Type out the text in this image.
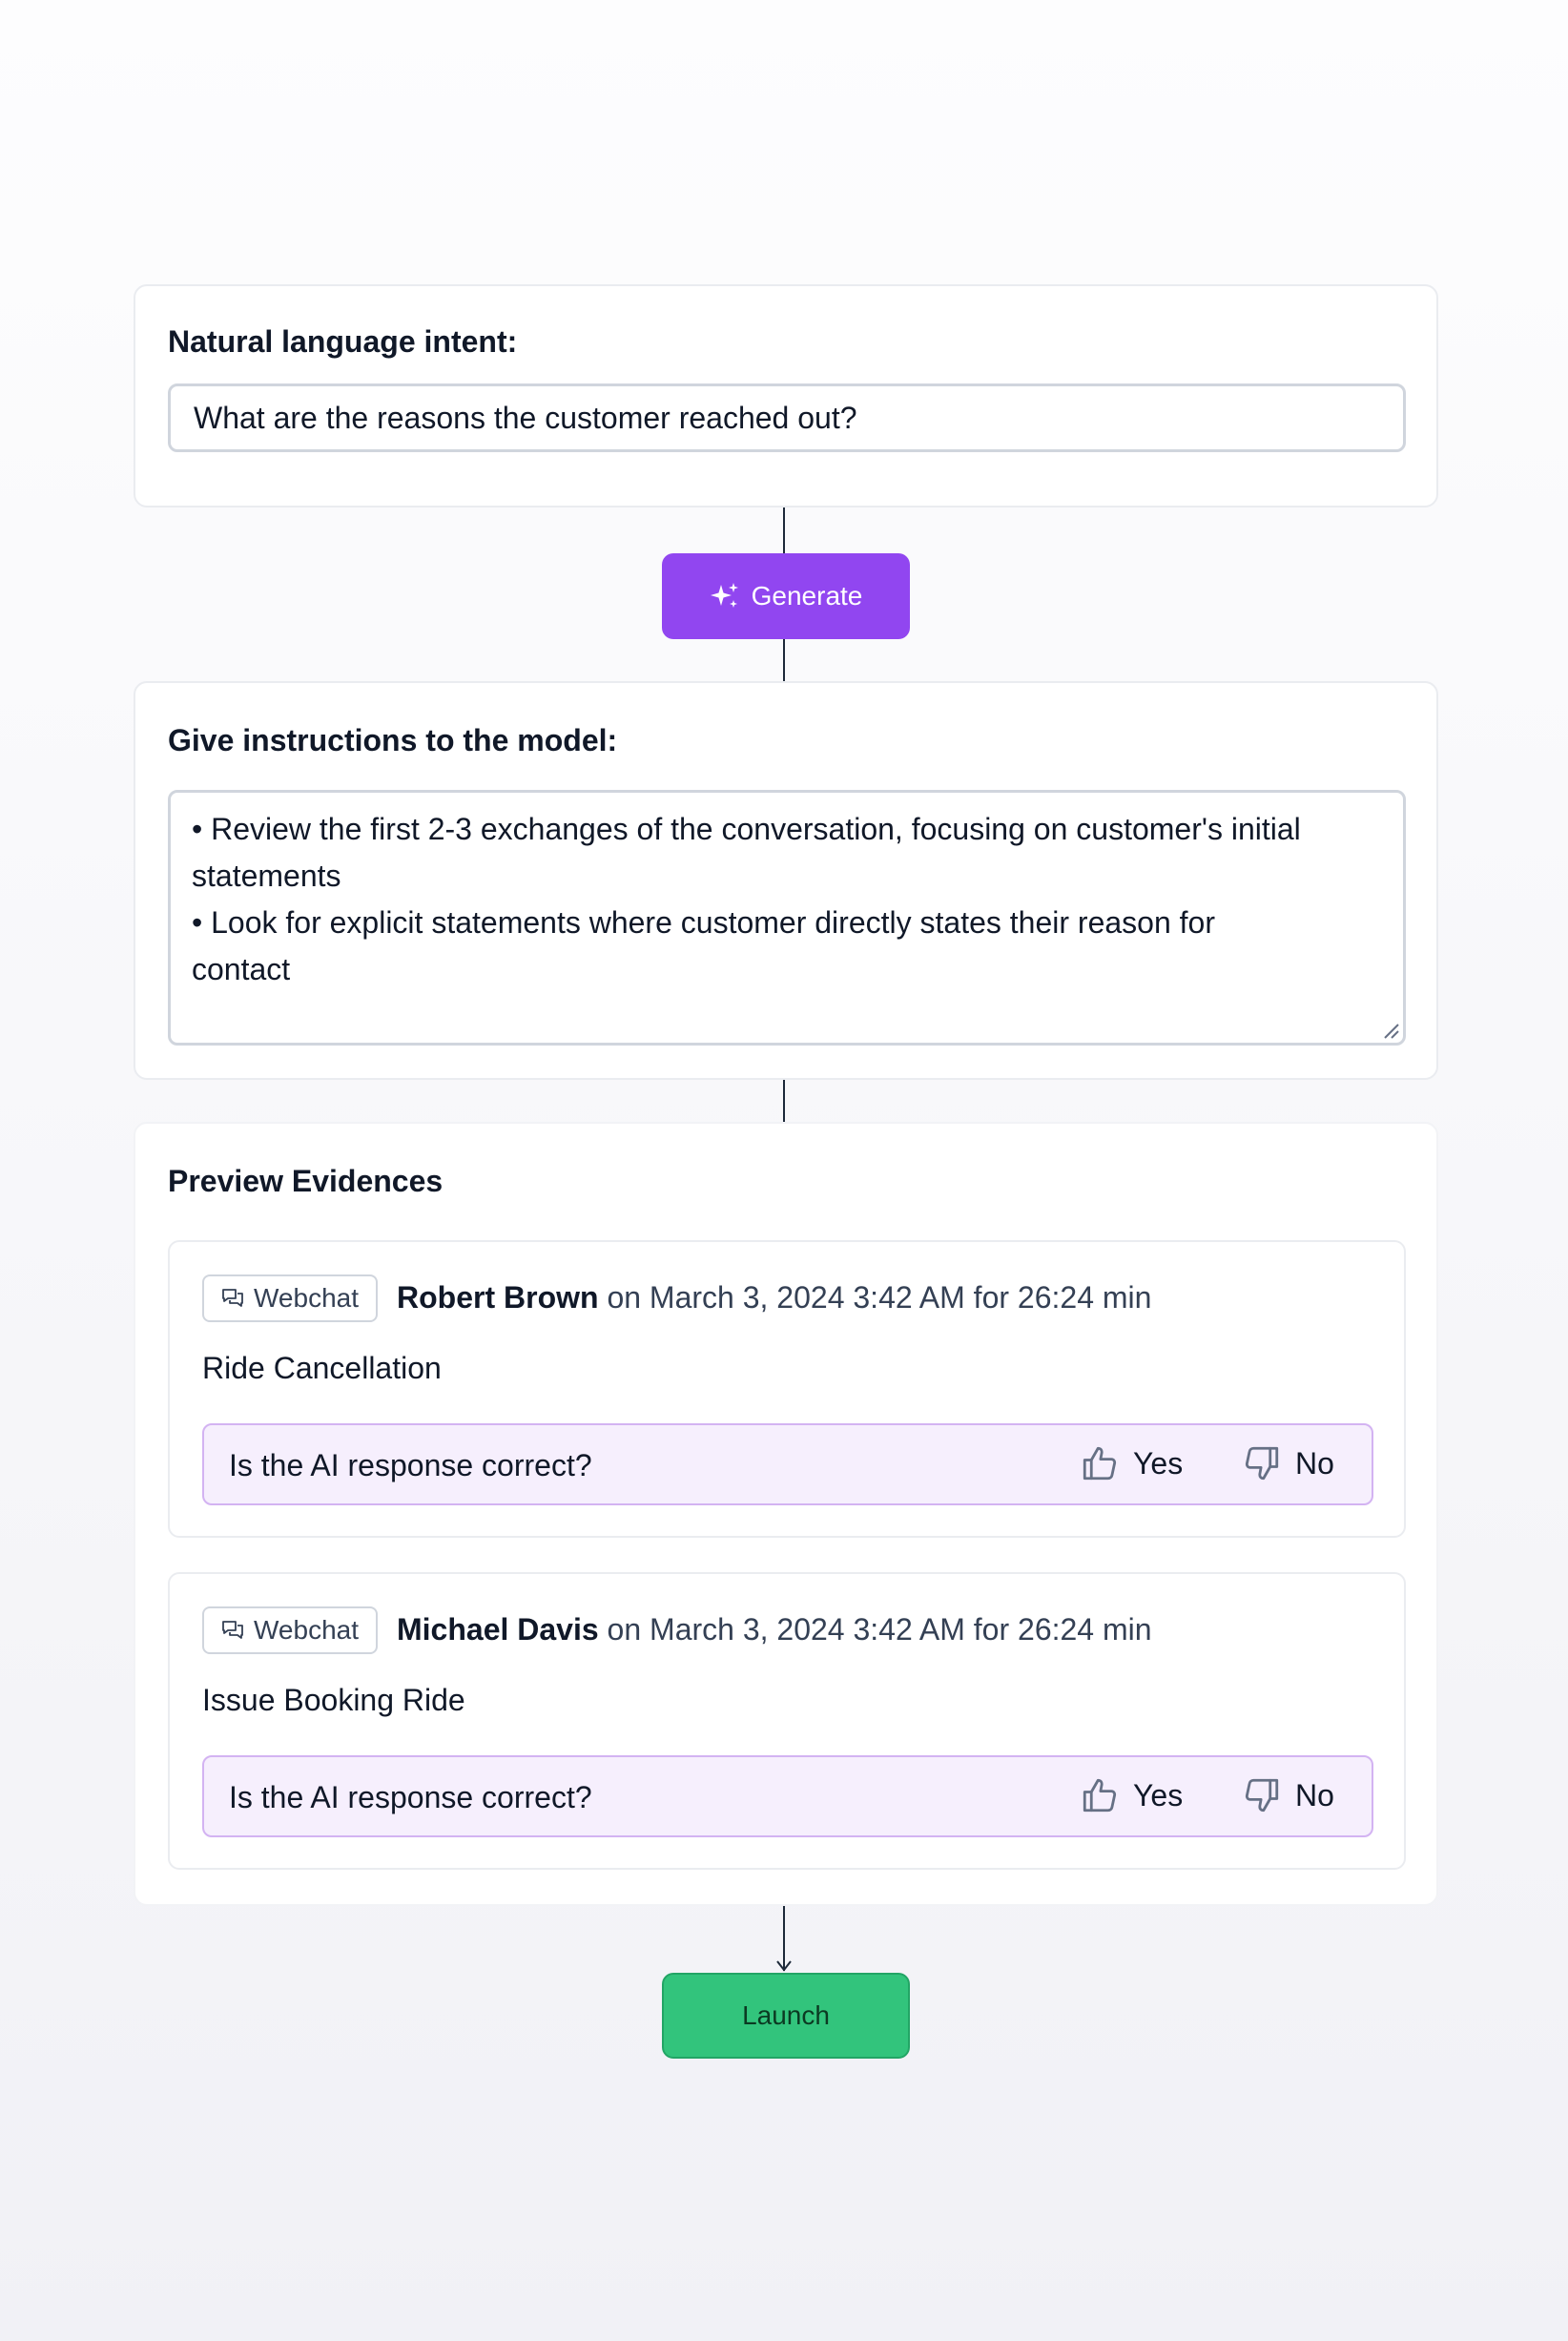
Natural language intent:
What are the reasons the customer reached out?
Generate
Give instructions to the model:
• Review the first 2-3 exchanges of the conversation, focusing on customer's initial
statements
• Look for explicit statements where customer directly states their reason for
contact
Preview Evidences
Webchat Robert Brown on March 3, 2024 3:42 AM for 26:24 min
Ride Cancellation
Is the AI response correct?	Yes	No
Webchat Michael Davis on March 3, 2024 3:42 AM for 26:24 min
Issue Booking Ride
Is the AI response correct?	Yes	No
Launch
